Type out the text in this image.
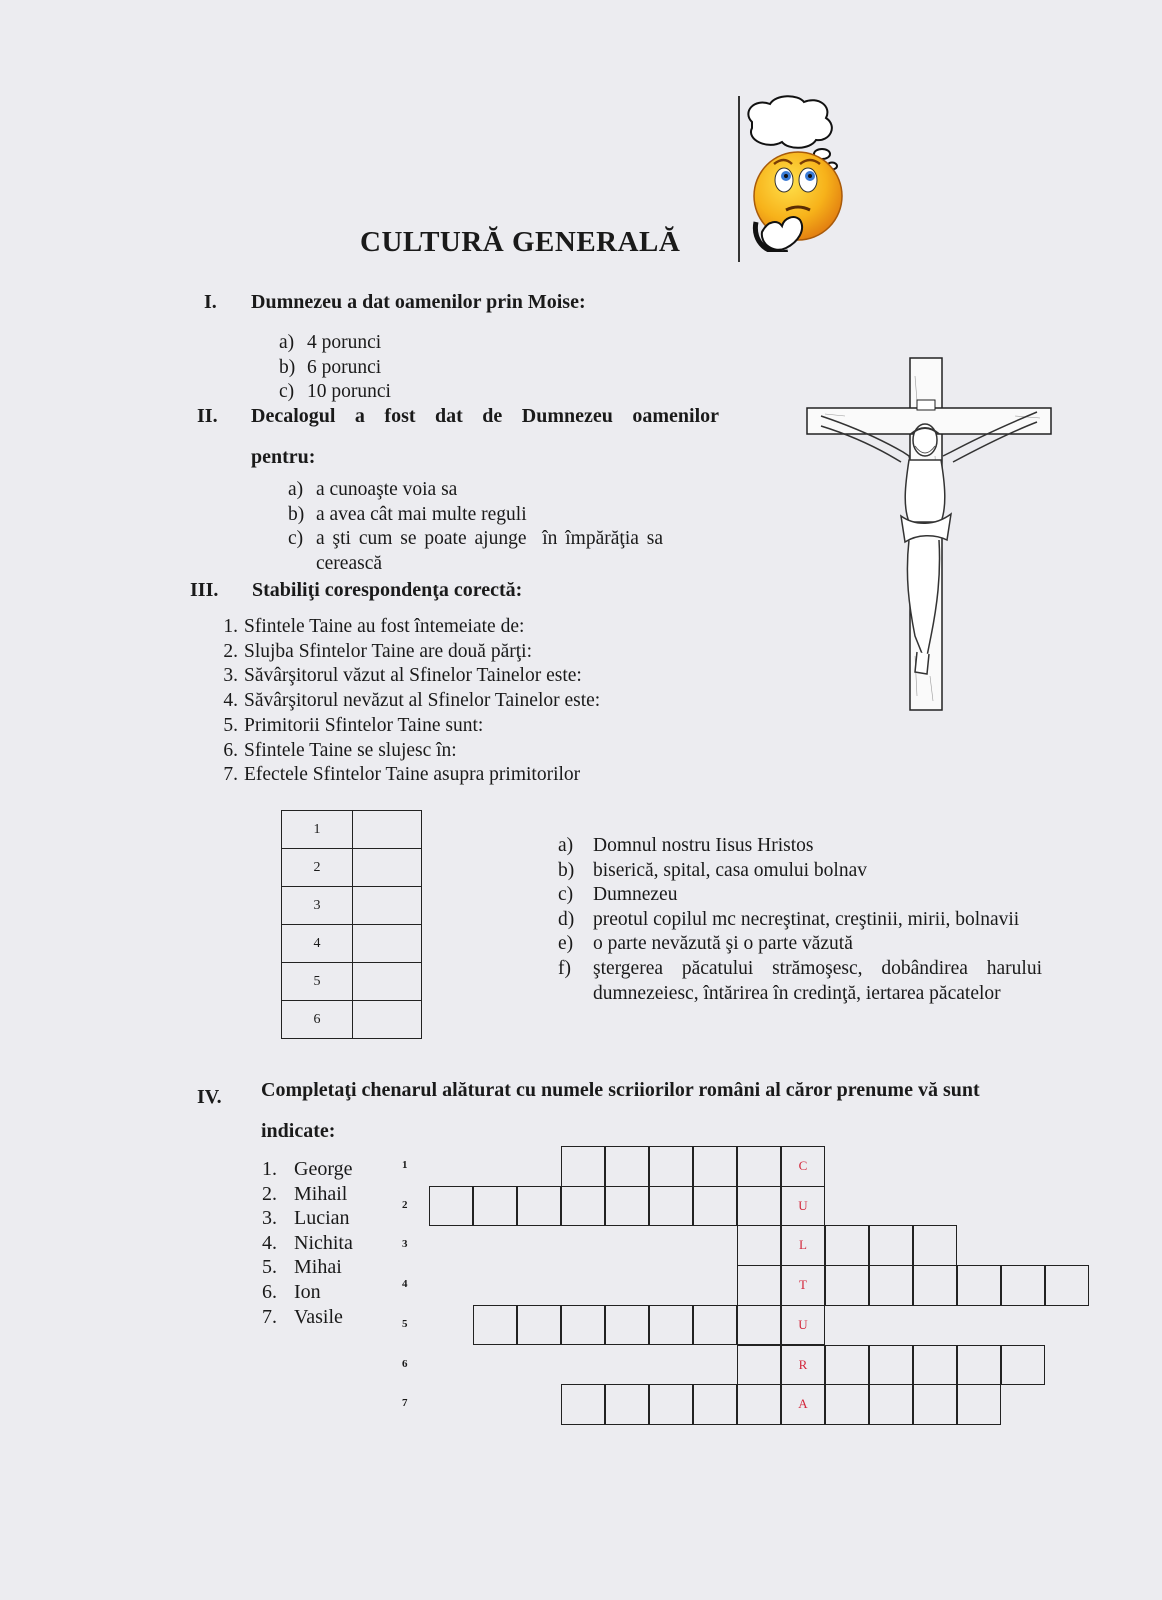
CULTURĂ GENERALĂ
I. Dumnezeu a dat oamenilor prin Moise:
a) 4 porunci
b) 6 porunci
c) 10 porunci
II. Decalogul a fost dat de Dumnezeu oamenilor
pentru:
a) a cunoaşte voia sa
b) a avea cât mai multe reguli
c) a şti cum se poate ajunge  în împărăţia sa
cerească
III. Stabiliţi corespondenţa corectă:
1. Sfintele Taine au fost întemeiate de:
2. Slujba Sfintelor Taine are două părţi:
3. Săvârşitorul văzut al Sfinelor Tainelor este:
4. Săvârşitorul nevăzut al Sfinelor Tainelor este:
5. Primitorii Sfintelor Taine sunt:
6. Sfintele Taine se slujesc în:
7. Efectele Sfintelor Taine asupra primitorilor
1	
2	
3	
4	
5	
6	
a)	Domnul nostru Iisus Hristos
b) biserică, spital, casa omului bolnav
c)	Dumnezeu
d) preotul copilul mc necreştinat, creştinii, mirii, bolnavii
e)	o parte nevăzută şi o parte văzută
f)	ştergerea păcatului strămoşesc, dobândirea harului dumnezeiesc, întărirea în credinţă, iertarea păcatelor
IV. Completaţi chenarul alăturat cu numele scriiorilor români al căror prenume vă sunt
indicate:
1. George
2. Mihail
3. Lucian
4. Nichita
5. Mihai
6. Ion
7. Vasile
1	C
2	U
3	L
4	T
5	U
6	R
7	A
